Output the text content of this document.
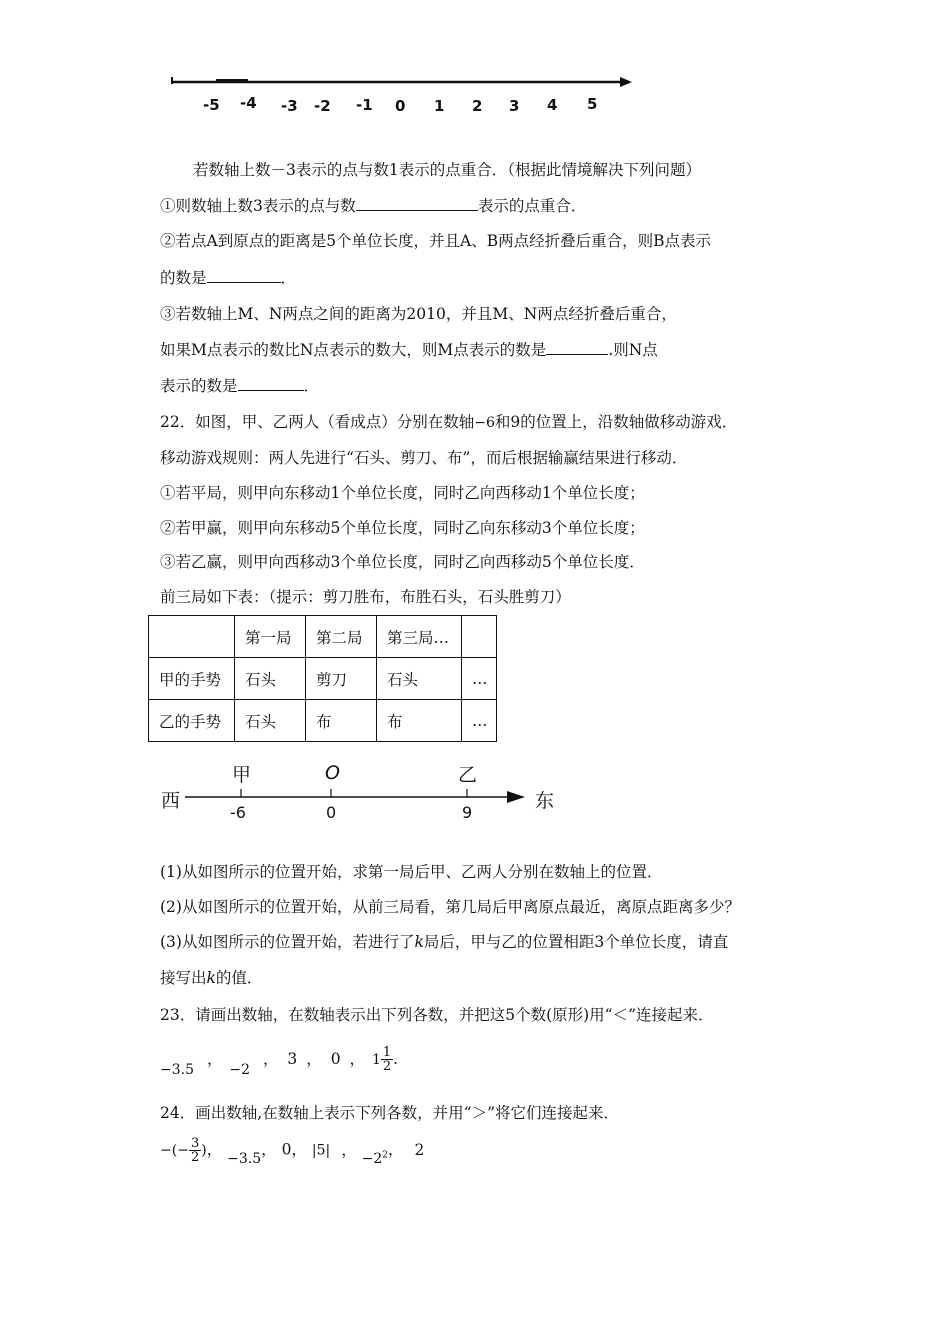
-5 -4 -3 -2 -1 0 1 2 3 4 5
若数轴上数－3表示的点与数1表示的点重合．（根据此情境解决下列问题）
①则数轴上数3表示的点与数	表示的点重合．
②若点A到原点的距离是5个单位长度，并且A、B两点经折叠后重合，则B点表示
的数是	．
③若数轴上M、N两点之间的距离为2010，并且M、N两点经折叠后重合，
如果M点表示的数比N点表示的数大，则M点表示的数是	.则N点
表示的数是	．
22．如图，甲、乙两人（看成点）分别在数轴−6和9的位置上，沿数轴做移动游戏．
移动游戏规则：两人先进行“石头、剪刀、布”，而后根据输赢结果进行移动．
①若平局，则甲向东移动1个单位长度，同时乙向西移动1个单位长度；
②若甲赢，则甲向东移动5个单位长度，同时乙向东移动3个单位长度；
③若乙赢，则甲向西移动3个单位长度，同时乙向西移动5个单位长度．
前三局如下表：（提示：剪刀胜布，布胜石头，石头胜剪刀）
	第一局	第二局	第三局…	
甲的手势	石头	剪刀	石头	…
乙的手势	石头	布	布	…
西	东
甲	O	乙
-6	0	9
(1)从如图所示的位置开始，求第一局后甲、乙两人分别在数轴上的位置．
(2)从如图所示的位置开始，从前三局看，第几局后甲离原点最近，离原点距离多少？
(3)从如图所示的位置开始，若进行了k局后，甲与乙的位置相距3个单位长度，请直
接写出k的值．
23．请画出数轴，在数轴表示出下列各数，并把这5个数(原形)用“＜”连接起来．
−3.5 ， −2 ， 3 ， 0 ， $1 \frac{1}{2}$ ．
24．画出数轴,在数轴上表示下列各数，并用“＞”将它们连接起来．
−(− $\frac{3}{2}$ )， −3.5， 0， |5| ， $-2^2$， 2
